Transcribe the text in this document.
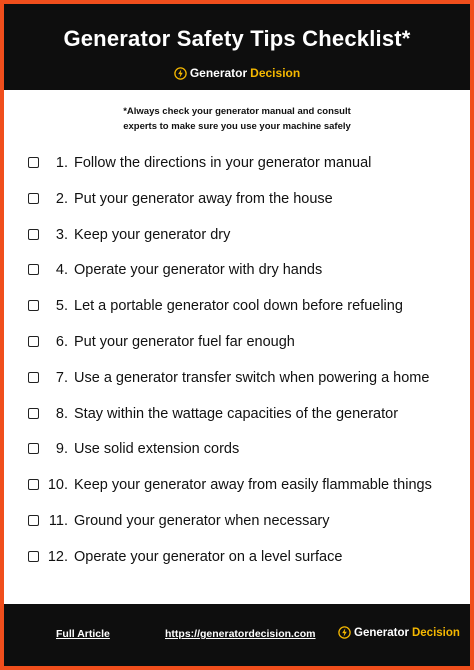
Generator Safety Tips Checklist*
Generator Decision
*Always check your generator manual and consult
experts to make sure you use your machine safely
1. Follow the directions in your generator manual
2. Put your generator away from the house
3. Keep your generator dry
4. Operate your generator with dry hands
5. Let a portable generator cool down before refueling
6. Put your generator fuel far enough
7. Use a generator transfer switch when powering a home
8. Stay within the wattage capacities of the generator
9. Use solid extension cords
10. Keep your generator away from easily flammable things
11. Ground your generator when necessary
12. Operate your generator on a level surface
Full Article	https://generatordecision.com	Generator Decision
